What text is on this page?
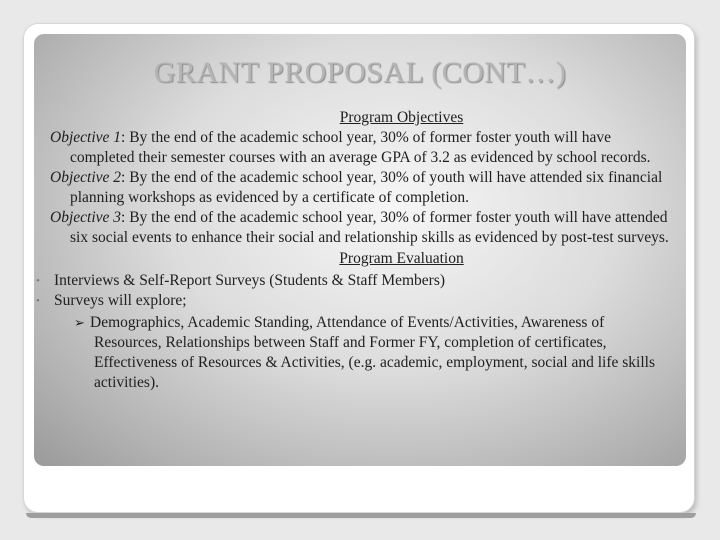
GRANT PROPOSAL (CONT…)
Program Objectives
Objective 1: By the end of the academic school year, 30% of former foster youth will have completed their semester courses with an average GPA of 3.2 as evidenced by school records.
Objective 2: By the end of the academic school year, 30% of youth will have attended six financial planning workshops as evidenced by a certificate of completion.
Objective 3: By the end of the academic school year, 30% of former foster youth will have attended six social events to enhance their social and relationship skills as evidenced by post-test surveys.
Program Evaluation
• Interviews & Self-Report Surveys (Students & Staff Members)
• Surveys will explore;
➢ Demographics, Academic Standing, Attendance of Events/Activities, Awareness of Resources, Relationships between Staff and Former FY, completion of certificates, Effectiveness of Resources & Activities, (e.g. academic, employment, social and life skills activities).
